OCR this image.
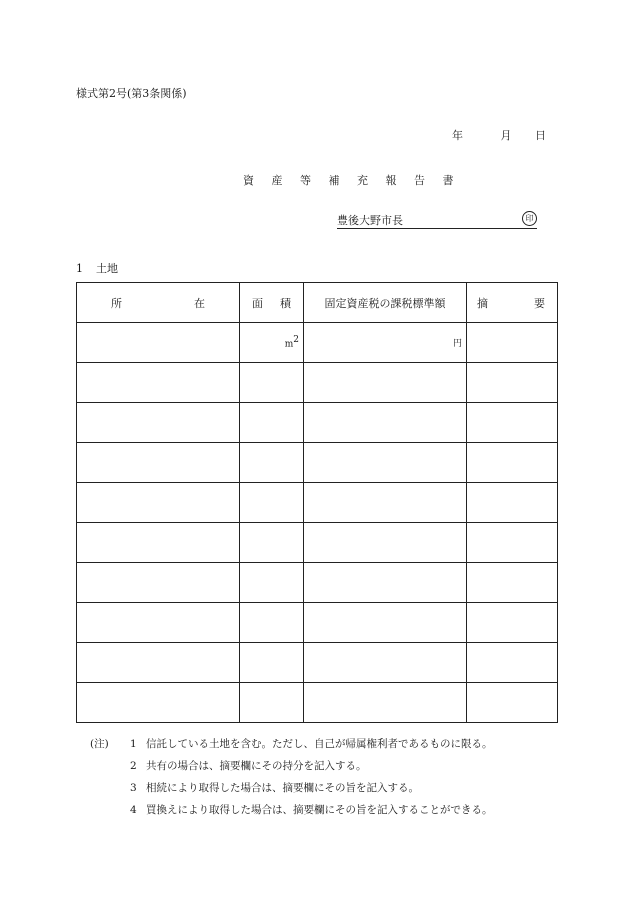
様式第2号(第3条関係)
年	月 日
資 産 等 補 充 報 告 書
豊後大野市長	印
1 土地
所 在	面 積	固定資産税の課税標準額	摘 要

	$m^2$	円	

(注) 1 信託している土地を含む。ただし、自己が帰属権利者であるものに限る。
2 共有の場合は、摘要欄にその持分を記入する。
3 相続により取得した場合は、摘要欄にその旨を記入する。
4 買換えにより取得した場合は、摘要欄にその旨を記入することができる。
